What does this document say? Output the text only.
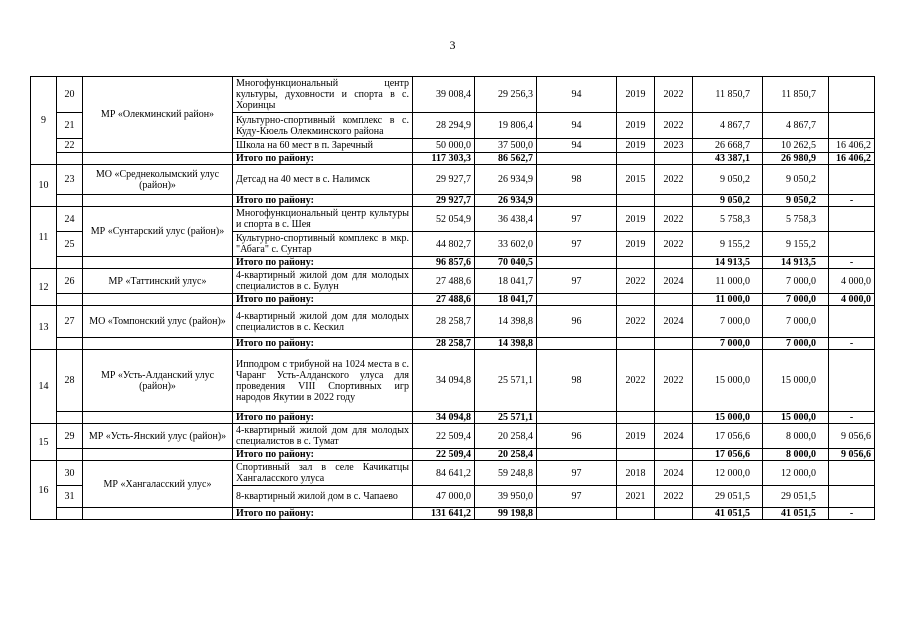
3
9	20	МР «Олекминский район»	Многофункциональный центр культуры, духовности и спорта в с. Хоринцы	39 008,4	29 256,3	94	2019	2022	11 850,7	11 850,7	
	21		Культурно-спортивный комплекс в с. Куду-Кюель Олекминского района	28 294,9	19 806,4	94	2019	2022	4 867,7	4 867,7	
	22		Школа на 60 мест в п. Заречный	50 000,0	37 500,0	94	2019	2023	26 668,7	10 262,5	16 406,2
			Итого по району:	117 303,3	86 562,7				43 387,1	26 980,9	16 406,2
10	23	МО «Среднеколымский улус (район)»	Детсад на 40 мест в с. Налимск	29 927,7	26 934,9	98	2015	2022	9 050,2	9 050,2	
			Итого по району:	29 927,7	26 934,9				9 050,2	9 050,2	-
11	24	МР «Сунтарский улус (район)»	Многофункциональный центр культуры и спорта в с. Шея	52 054,9	36 438,4	97	2019	2022	5 758,3	5 758,3	
	25		Культурно-спортивный комплекс в мкр. "Абага" с. Сунтар	44 802,7	33 602,0	97	2019	2022	9 155,2	9 155,2	
			Итого по району:	96 857,6	70 040,5				14 913,5	14 913,5	-
12	26	МР «Таттинский улус»	4-квартирный жилой дом для молодых специалистов в с. Булун	27 488,6	18 041,7	97	2022	2024	11 000,0	7 000,0	4 000,0
			Итого по району:	27 488,6	18 041,7				11 000,0	7 000,0	4 000,0
13	27	МО «Томпонский улус (район)»	4-квартирный жилой дом для молодых специалистов в с. Кескил	28 258,7	14 398,8	96	2022	2024	7 000,0	7 000,0	
			Итого по району:	28 258,7	14 398,8				7 000,0	7 000,0	-
14	28	МР «Усть-Алданский улус (район)»	Ипподром с трибуной на 1024 места в с. Чаранг Усть-Алданского улуса для проведения VIII Спортивных игр народов Якутии в 2022 году	34 094,8	25 571,1	98	2022	2022	15 000,0	15 000,0	
			Итого по району:	34 094,8	25 571,1				15 000,0	15 000,0	-
15	29	МР «Усть-Янский улус (район)»	4-квартирный жилой дом для молодых специалистов в с. Тумат	22 509,4	20 258,4	96	2019	2024	17 056,6	8 000,0	9 056,6
			Итого по району:	22 509,4	20 258,4				17 056,6	8 000,0	9 056,6
16	30	МР «Хангаласский улус»	Спортивный зал в селе Качикатцы Хангаласского улуса	84 641,2	59 248,8	97	2018	2024	12 000,0	12 000,0	
	31		8-квартирный жилой дом в с. Чапаево	47 000,0	39 950,0	97	2021	2022	29 051,5	29 051,5	
			Итого по району:	131 641,2	99 198,8				41 051,5	41 051,5	-
